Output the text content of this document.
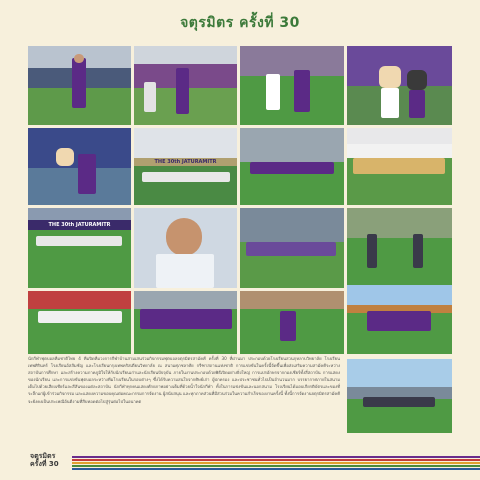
จตุรมิตร ครั้งที่ 30
THE 30th JATURAMITR
THE 30th JATURAMITR
นักกีฬาฟุตบอลทีมชาติไทย 4 ทีมปิดทีมวงการกีฬาบ้านสามเสนร่วมกิจกรรมฟุตบอลจตุรมิตรสามัคคี ครั้งที่ 30 ที่ผ่านมา ประกอบด้วยโรงเรียนสวนกุหลาบวิทยาลัย โรงเรียนเทพศิรินทร์ โรงเรียนอัสสัมชัญ และโรงเรียนกรุงเทพคริสเตียนวิทยาลัย ณ สนามศุภชลาศัย กรีฑาสถานแห่งชาติ การแข่งขันในครั้งนี้จัดขึ้นเพื่อส่งเสริมความสามัคคีระหว่างสถาบันการศึกษา และสร้างความภาคภูมิใจให้กับนักเรียนเก่าและนักเรียนปัจจุบัน ภายในงานประกอบด้วยพิธีเปิดอย่างยิ่งใหญ่ การแปรอักษรจากกองเชียร์ทั้งสี่สถาบัน การแสดงของนักเรียน และการแข่งขันฟุตบอลระหว่างทีมโรงเรียนในรอบต่างๆ ซึ่งได้รับความสนใจจากศิษย์เก่า ผู้ปกครอง และประชาชนทั่วไปเป็นจำนวนมาก บรรยากาศภายในสนามเต็มไปด้วยเสียงเชียร์และสีสันของแต่ละสถาบัน นักกีฬาทุกคนแสดงศักยภาพอย่างเต็มที่ด้วยน้ำใจนักกีฬา ทั้งในการแข่งขันและนอกสนาม โรงเรียนได้มอบเกียรติบัตรและของที่ระลึกแก่ผู้เข้าร่วมกิจกรรม และแสดงความขอบคุณต่อคณะกรรมการจัดงาน ผู้สนับสนุน และทุกภาคส่วนที่มีส่วนร่วมในความสำเร็จของงานครั้งนี้ ทั้งนี้การจัดงานจตุรมิตรสามัคคีจะยังคงเป็นประเพณีอันดีงามที่สืบทอดต่อไปสู่รุ่นต่อไปในอนาคต
จตุรมิตร
ครั้งที่ 30
